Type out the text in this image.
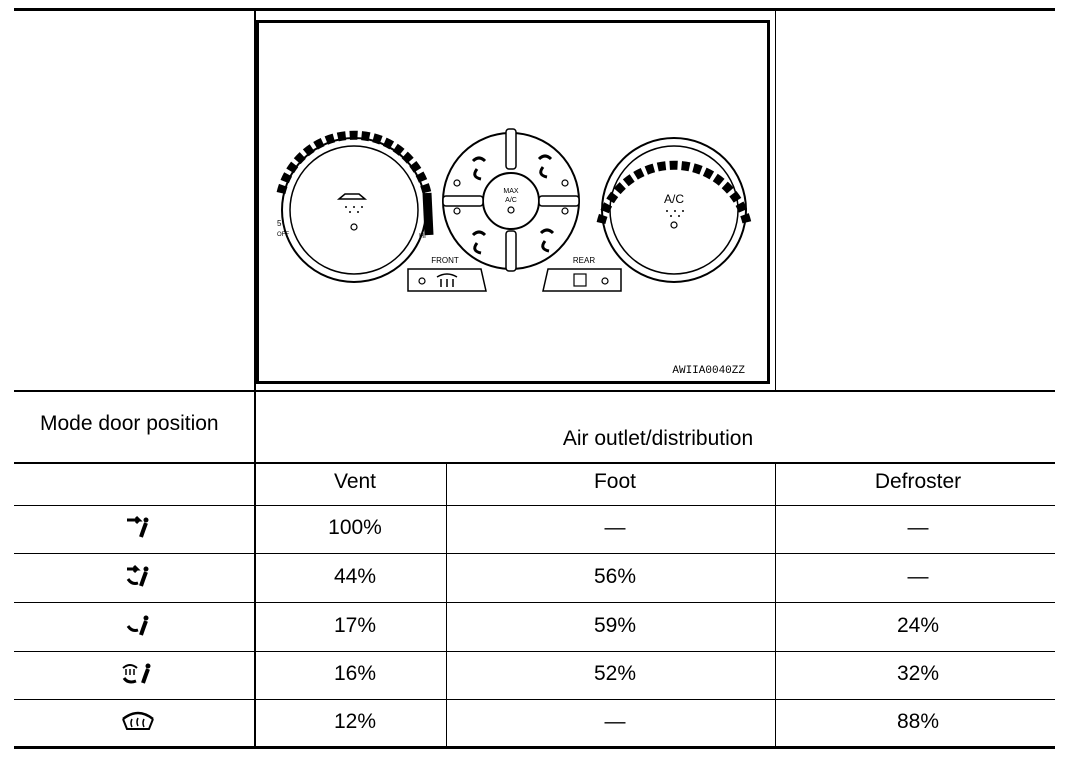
OFF
5
HI
MAX
A/C	A/C
FRONT	REAR
AWIIA0040ZZ
Mode door position
Air outlet/distribution
Vent	Foot	Defroster
100%	—	—
44%	56%	—
17%	59%	24%
16%	52%	32%
12%	—	88%
